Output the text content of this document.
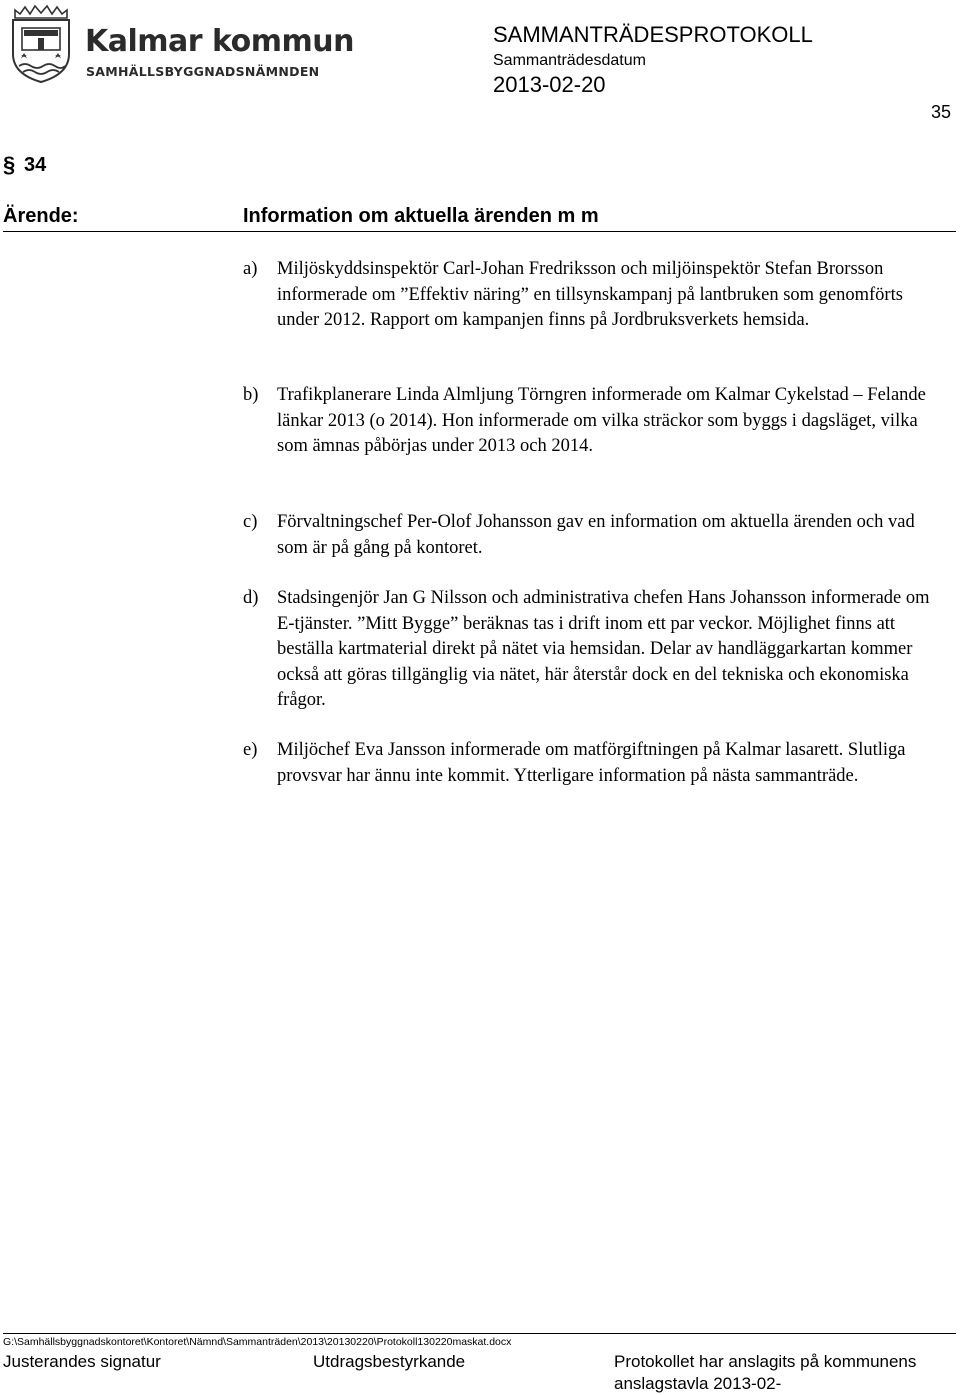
Kalmar kommun
SAMHÄLLSBYGGNADSNÄMNDEN
SAMMANTRÄDESPROTOKOLL
Sammanträdesdatum
2013-02-20
35
§ 34
Ärende:	Information om aktuella ärenden m m
a) Miljöskyddsinspektör Carl-Johan Fredriksson och miljöinspektör Stefan Brorsson informerade om ”Effektiv näring” en tillsynskampanj på lantbruken som genomförts under 2012. Rapport om kampanjen finns på Jordbruksverkets hemsida.
b) Trafikplanerare Linda Almljung Törngren informerade om Kalmar Cykelstad – Felande länkar 2013 (o 2014). Hon informerade om vilka sträckor som byggs i dagsläget, vilka som ämnas påbörjas under 2013 och 2014.
c) Förvaltningschef Per-Olof Johansson gav en information om aktuella ärenden och vad som är på gång på kontoret.
d) Stadsingenjör Jan G Nilsson och administrativa chefen Hans Johansson informerade om E-tjänster. ”Mitt Bygge” beräknas tas i drift inom ett par veckor. Möjlighet finns att beställa kartmaterial direkt på nätet via hemsidan. Delar av handläggarkartan kommer också att göras tillgänglig via nätet, här återstår dock en del tekniska och ekonomiska frågor.
e) Miljöchef Eva Jansson informerade om matförgiftningen på Kalmar lasarett. Slutliga provsvar har ännu inte kommit. Ytterligare information på nästa sammanträde.
G:\Samhällsbyggnadskontoret\Kontoret\Nämnd\Sammanträden\2013\20130220\Protokoll130220maskat.docx
Justerandes signatur	Utdragsbestyrkande	Protokollet har anslagits på kommunens
anslagstavla 2013-02-
